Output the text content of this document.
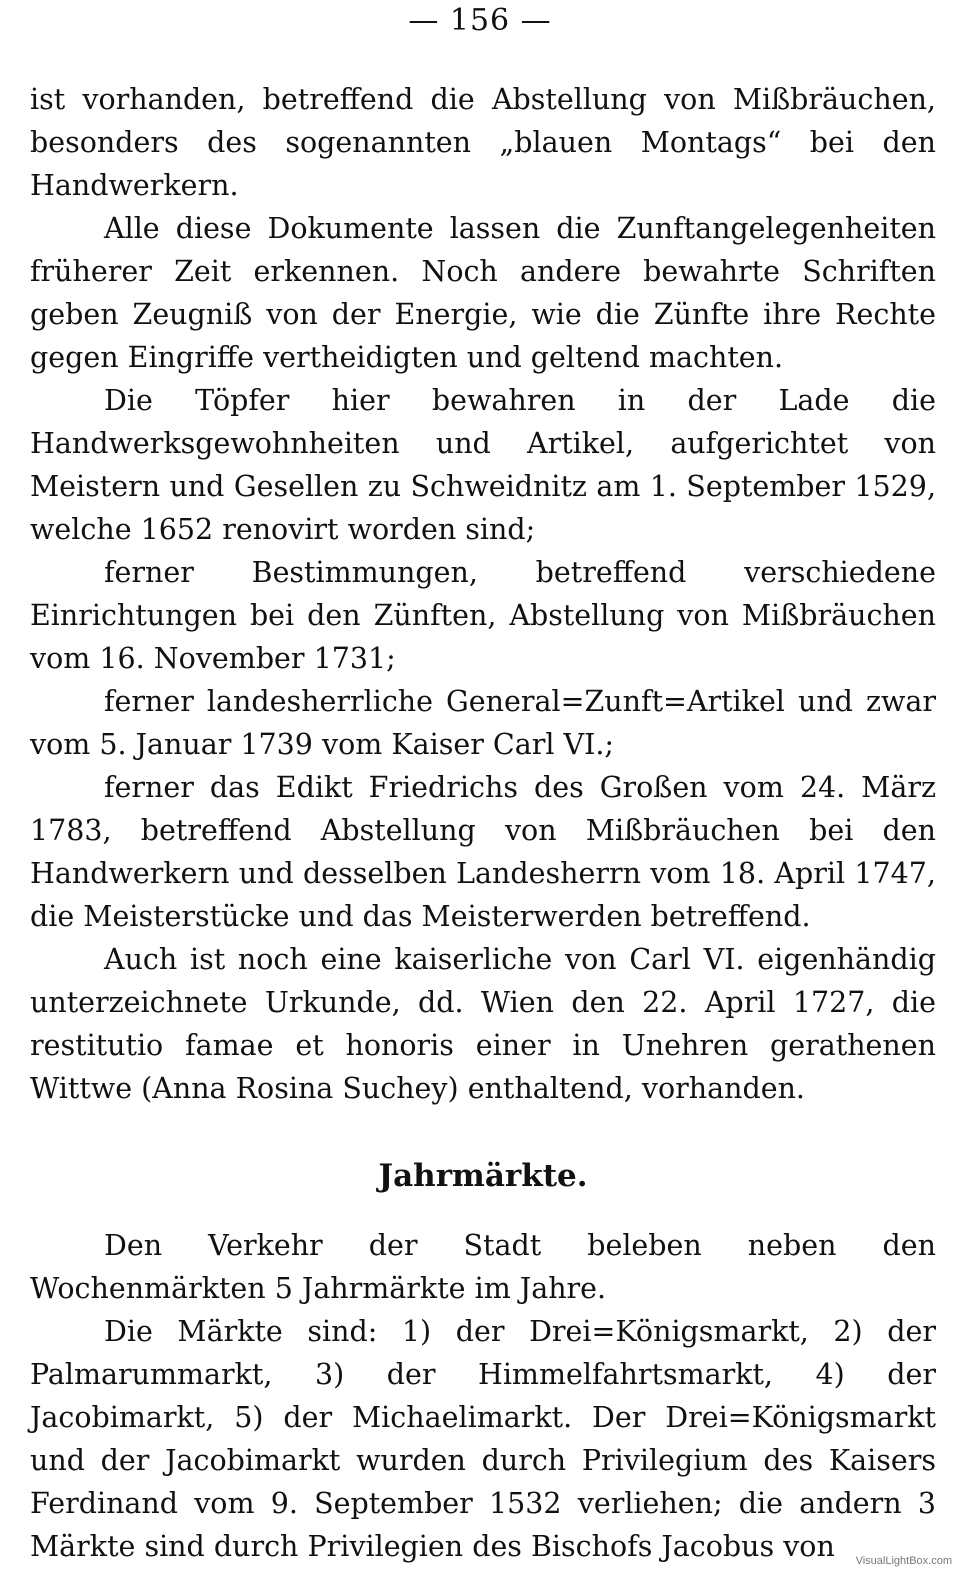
— 156 —

ist vorhanden, betreffend die Abstellung von Mißbräuchen, besonders des sogenannten „blauen Montags“ bei den Handwerkern.

Alle diese Dokumente lassen die Zunftangelegenheiten früherer Zeit erkennen. Noch andere bewahrte Schriften geben Zeugniß von der Energie, wie die Zünfte ihre Rechte gegen Eingriffe vertheidigten und geltend machten.

Die Töpfer hier bewahren in der Lade die Handwerksgewohnheiten und Artikel, aufgerichtet von Meistern und Gesellen zu Schweidnitz am 1. September 1529, welche 1652 renovirt worden sind;

ferner Bestimmungen, betreffend verschiedene Einrichtungen bei den Zünften, Abstellung von Mißbräuchen vom 16. November 1731;

ferner landesherrliche General=Zunft=Artikel und zwar vom 5. Januar 1739 vom Kaiser Carl VI.;

ferner das Edikt Friedrichs des Großen vom 24. März 1783, betreffend Abstellung von Mißbräuchen bei den Handwerkern und desselben Landesherrn vom 18. April 1747, die Meisterstücke und das Meisterwerden betreffend.

Auch ist noch eine kaiserliche von Carl VI. eigenhändig unterzeichnete Urkunde, dd. Wien den 22. April 1727, die restitutio famae et honoris einer in Unehren gerathenen Wittwe (Anna Rosina Suchey) enthaltend, vorhanden.

Jahrmärkte.

Den Verkehr der Stadt beleben neben den Wochenmärkten 5 Jahrmärkte im Jahre.

Die Märkte sind: 1) der Drei=Königsmarkt, 2) der Palmarummarkt, 3) der Himmelfahrtsmarkt, 4) der Jacobimarkt, 5) der Michaelimarkt. Der Drei=Königsmarkt und der Jacobimarkt wurden durch Privilegium des Kaisers Ferdinand vom 9. September 1532 verliehen; die andern 3 Märkte sind durch Privilegien des Bischofs Jacobus von	VisualLightBox.com
